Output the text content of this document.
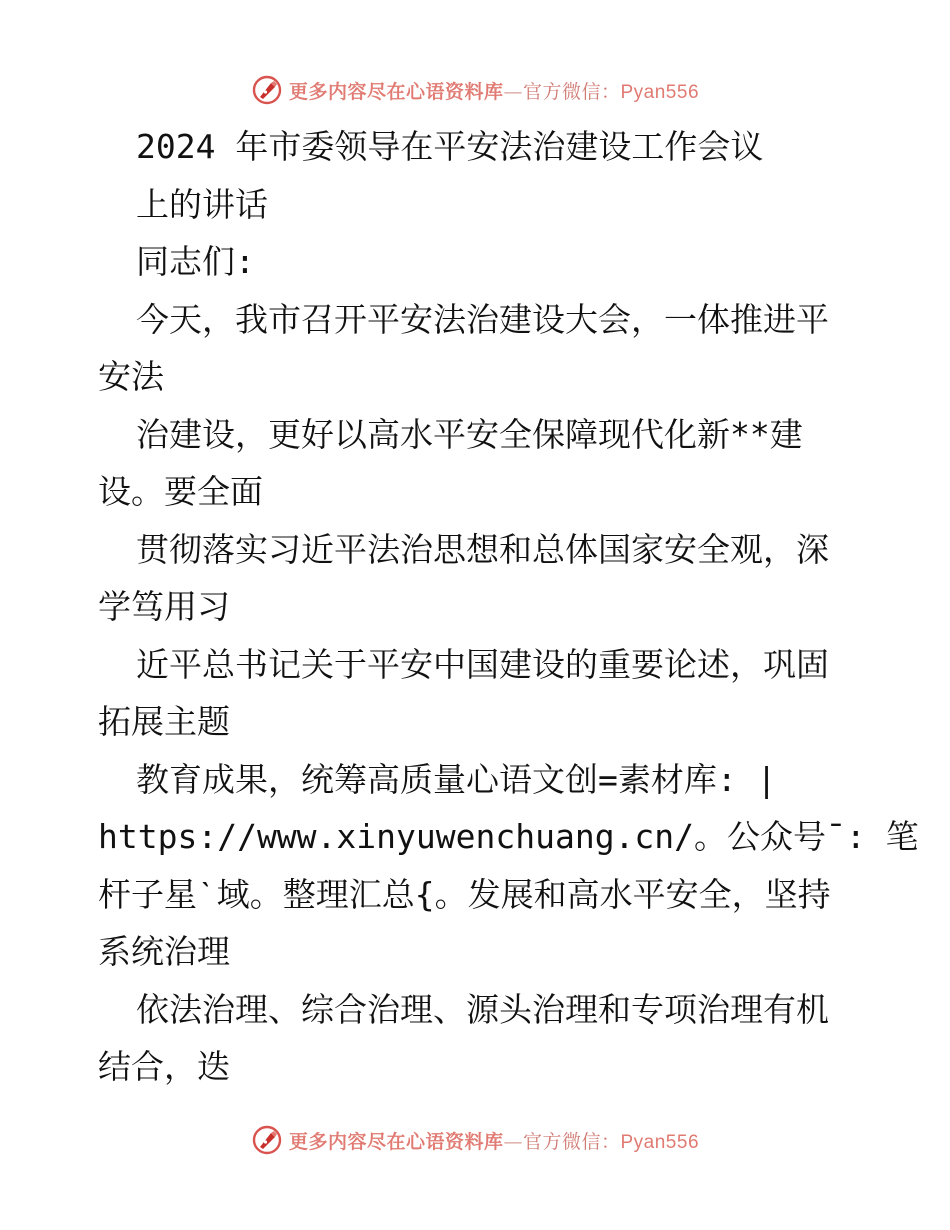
更多内容尽在心语资料库—官方微信：Pyan556
2024 年市委领导在平安法治建设工作会议
上的讲话
同志们:
今天，我市召开平安法治建设大会，一体推进平
安法
治建设，更好以高水平安全保障现代化新**建
设。要全面
贯彻落实习近平法治思想和总体国家安全观，深
学笃用习
近平总书记关于平安中国建设的重要论述，巩固
拓展主题
教育成果，统筹高质量心语文创=素材库: |
https://www.xinyuwenchuang.cn/。公众号¯: 笔
杆子星ˋ域。整理汇总{。发展和高水平安全，坚持
系统治理
依法治理、综合治理、源头治理和专项治理有机
结合，迭
更多内容尽在心语资料库—官方微信：Pyan556
